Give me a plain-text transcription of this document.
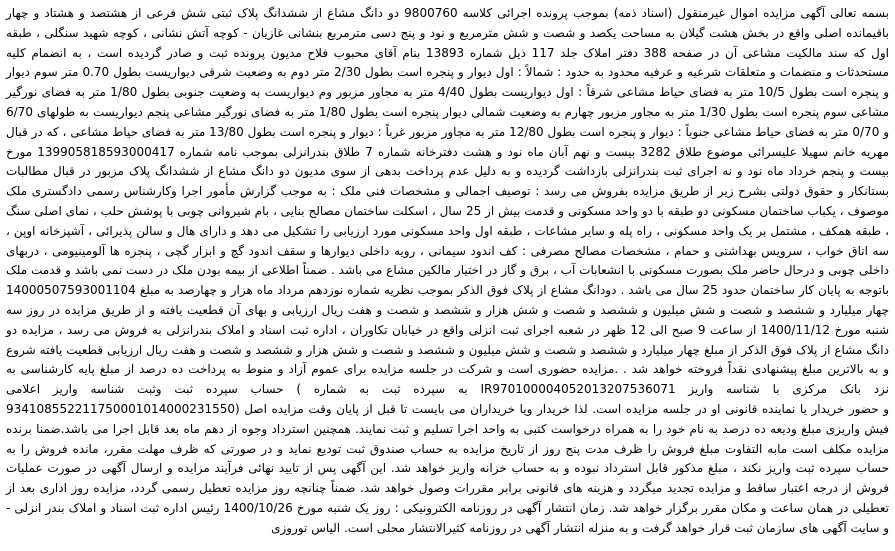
بسمه تعالی آگهی مزایده اموال غیرمنقول (اسناد ذمه) بموجب پرونده اجرائی کلاسه 9800760 دو دانگ مشاع از ششدانگ پلاک ثبتی شش فرعی از هشتصد و هشتاد و چهار باقیمانده اصلی واقع در بخش هشت گیلان به مساحت یکصد و شصت و شش مترمربع و نود و پنج دسی مترمربع بنشانی غازیان - کوچه آتش نشانی ، کوچه شهید سنگلی ، طبقه اول که سند مالکیت مشاعی آن در صفحه 388 دفتر املاک جلد 117 ذیل شماره 13893 بنام آقای محبوب فلاح مدیون پرونده ثبت و صادر گردیده است ، به انضمام کلیه مستحدثات و منضمات و متعلقات شرعیه و عرفیه محدود به حدود : شمالاً : اول دیوار و پنجره است بطول 2/30 متر دوم به وضعیت شرقی دیواریست بطول 0.70 متر سوم دیوار و پنجره است بطول 10/5 متر به فضای حیاط مشاعی شرقاً : اول دیواریست بطول 4/40 متر به مجاور مزبور وم دیواریست به وضعیت جنوبی بطول 1/80 متر به فضای نورگیر مشاعی سوم پنجره است بطول 1/30 متر به مجاور مزبور چهارم به وضعیت شمالی دیوار پنجره است بطول 1/80 متر به فضای نورگیر مشاعی پنجم دیواریست به طولهای 6/70 و 0/70 متر به فضای حیاط مشاعی جنوباً : دیوار و پنجره است بطول 12/80 متر به مجاور مزبور غرباً : دیوار و پنجره است بطول 13/80 متر به فضای حیاط مشاعی ، که در قبال مهریه خانم سهیلا علیسرائی موضوع طلاق 3282 بیست و نهم آبان ماه نود و هشت دفترخانه شماره 7 طلاق بندرانزلی بموجب نامه شماره 139905818593000417 مورخ بیست و پنجم خرداد ماه نود و نه اجرای ثبت بندرانزلی بازداشت گردیده و به دلیل عدم پرداخت بدهی از سوی مدیون دو دانگ مشاع از ششدانگ پلاک مزبور در قبال مطالبات بستانکار و حقوق دولتی بشرح زیر از طریق مزایده بفروش می رسد : توصیف اجمالی و مشخصات فنی ملک : به موجب گزارش مأمور اجرا وکارشناس رسمی دادگستری ملک موصوف ، یکباب ساختمان مسکونی دو طبقه با دو واحد مسکونی و قدمت بیش از 25 سال ، اسکلت ساختمان مصالح بنایی ، بام شیروانی چوبی با پوشش حلب ، نمای اصلی سنگ ، طبقه همکف ، مشتمل بر یک واحد مسکونی ، راه پله و سایر مشاعات ، طبقه اول واحد مسکونی مورد ارزیابی را تشکیل می دهد و دارای هال و سالن پذیرائی ، آشپزخانه اوپن ، سه اتاق خواب ، سرویس بهداشتی و حمام ، مشخصات مصالح مصرفی : کف اندود سیمانی ، رویه داخلی دیوارها و سقف اندود گچ و ابزار گچی ، پنجره ها آلومینیومی ، دربهای داخلی چوبی و درحال حاضر ملک بصورت مسکونی با انشعابات آب ، برق و گاز در اختیار مالکین مشاع می باشد . ضمناً اطلاعی از بیمه بودن ملک در دست نمی باشد و قدمت ملک باتوجه به پایان کار ساختمان حدود 25 سال می باشد . دودانگ مشاع از پلاک فوق الذکر بموجب نظریه شماره 1400050759300110‪4 نوزدهم مرداد ماه هزار و چهارصد به مبلغ چهار میلیارد و ششصد و شصت و شش میلیون و ششصد و شصت و شش هزار و ششصد و شصت و هفت ریال ارزیابی و بهای آن قطعیت یافته و از طریق مزایده در روز سه شنبه مورخ 1400/11/12 از ساعت 9 صبح الی 12 ظهر در شعبه اجرای ثبت انزلی واقع در خیابان تکاوران ، اداره ثبت اسناد و املاک بندرانزلی به فروش می رسد ، مزایده دو دانگ مشاع از پلاک فوق الذکر از مبلغ چهار میلیارد و ششصد و شصت و شش میلیون و ششصد و شصت و شش هزار و ششصد و شصت و هفت ریال ارزیابی قطعیت یافته شروع و به بالاترین مبلغ پیشنهادی نقداً فروخته خواهد شد . .مزایده حضوری است و شرکت در جلسه مزایده برای عموم آزاد و منوط به پرداخت ده درصد از مبلغ پایه کارشناسی به حساب سپرده ثبت وثبت شناسه واریز اعلامی ( به سپرده ثبت به شماره IR970100004052013207536071 نزد بانک مرکزی با شناسه واریز 934108552211750001014000231550) و حضور خریدار یا نماینده قانونی او در جلسه مزایده است. لذا خریدار ویا خریداران می بایست تا قبل از پایان وقت مزایده اصل فیش واریزی مبلغ ودیعه ده درصد به نام خود را به همراه درخواست کتبی به واحد اجرا تسلیم و ثبت نمایند. همچنین استرداد وجوه از دهم ماه بعد قابل اجرا می باشد.ضمنا برنده مزایده مکلف است مابه التفاوت مبلغ فروش را ظرف مدت پنج روز از تاریخ مزایده به حساب صندوق ثبت تودیع نماید و در صورتی که ظرف مهلت مقرر، مانده فروش را به حساب سپرده ثبت واریز نکند ، مبلغ مذکور قابل استرداد نبوده و به حساب خزانه واریز خواهد شد. این آگهی پس از تایید نهائی فرآیند مزایده و ارسال آگهی در صورت عملیات فروش از درجه اعتبار ساقط و مزایده تجدید میگردد و هزینه های قانونی برابر مقررات وصول خواهد شد. ضمناً چنانچه روز مزایده تعطیل رسمی گردد، مزایده روز اداری بعد از تعطیلی در همان ساعت و مکان مقرر برگزار خواهد شد. زمان انتشار آگهی در روزنامه الکترونیکی : روز یک شنبه مورخ 1400/10/26 رئیس اداره ثبت اسناد و املاک بندر انزلی - و سایت آگهی های سازمان ثبت قرار خواهد گرفت و به منزله انتشار آگهی در روزنامه کثیرالانتشار محلی است. الیاس توروزی
